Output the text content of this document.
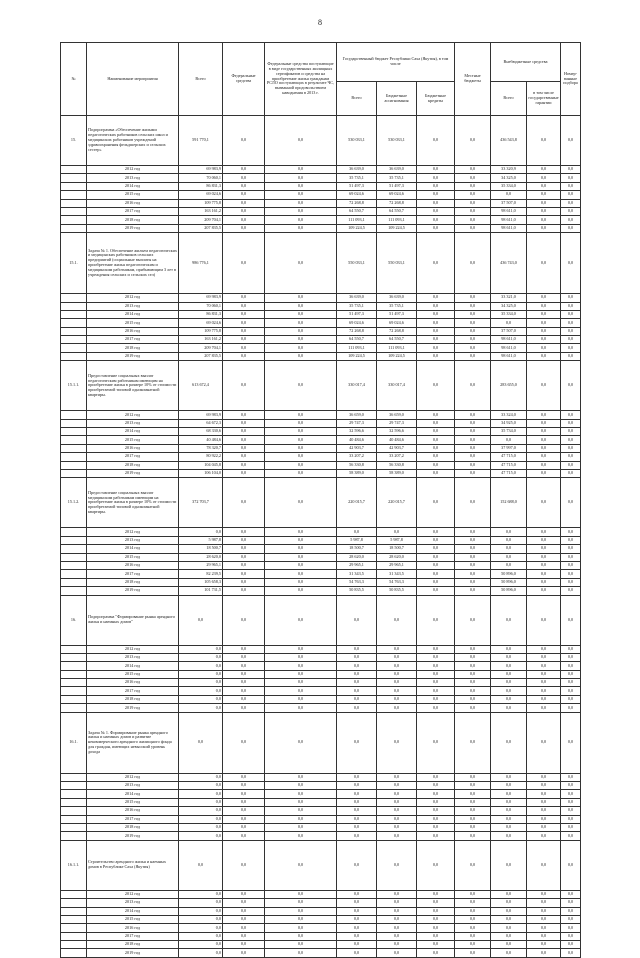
8
№	Наименование мероприятия	Всего	Федеральные средства	Федеральные средства поступающие в виде государственных жилищных сертификатов и средства на приобретение жилья гражданам РСЛО поступающих в результате ЧС, вызванной продовольствием наводнения в 2013 г.	Государственный бюджет Республики Саха (Якутия), в том числе			Местные бюджеты	Внебюджетные средства		Номер-ванные подбора
					Всего	Бюджетные ассигнования	Бюджетные кредиты		Всего	в том числе государственные гарантии	
15.	Подпрограмма «Обеспечение жилыми педагогических работников сельских школ и медицинских работников учреждений здравоохранения фельдшерских и сельских сестер»	591 770,1	0,0	0,0	530 033,1	530 033,1	0,0	0,0	436 543,8	0,0	0,0
	2012 год	69 983,9	0,0	0,0	36 639,0	36 639,0	0,0	0,0	33 320,9	0,0	0,0
	2013 год	70 060,1	0,0	0,0	35 735,1	35 735,1	0,0	0,0	34 325,0	0,0	0,0
	2014 год	86 831,3	0,0	0,0	51 497,3	51 497,3	0,0	0,0	35 334,0	0,0	0,0
	2015 год	69 024,6	0,0	0,0	69 024,6	69 024,6	0,0	0,0	0,0	0,0	0,0
	2016 год	109 775,8	0,0	0,0	72 268,8	72 268,8	0,0	0,0	37 507,0	0,0	0,0
	2017 год	163 161,2	0,0	0,0	64 550,7	64 550,7	0,0	0,0	98 611,0	0,0	0,0
	2018 год	209 704,1	0,0	0,0	111 093,1	111 093,1	0,0	0,0	98 611,0	0,0	0,0
	2019 год	207 835,5	0,0	0,0	109 224,5	109 224,5	0,0	0,0	98 611,0	0,0	0,0
15.1.	Задача № 1. Обеспечение жильем педагогических и медицинских работников сельских предприятий (социальные выплаты на приобретение жилья педагогическим и медицинским работникам, прибывающим 3 лет в учреждения сельских и сельских сел)	986 776,1	0,0	0,0	550 033,1	550 033,1	0,0	0,0	436 743,0	0,0	0,0
	2012 год	69 983,9	0,0	0,0	36 639,0	36 639,0	0,0	0,0	33 321,0	0,0	0,0
	2013 год	70 060,1	0,0	0,0	35 735,1	35 735,1	0,0	0,0	34 325,0	0,0	0,0
	2014 год	86 831,3	0,0	0,0	51 497,3	51 497,3	0,0	0,0	35 334,0	0,0	0,0
	2015 год	69 024,6	0,0	0,0	69 024,6	69 024,6	0,0	0,0	0,0	0,0	0,0
	2016 год	109 775,8	0,0	0,0	72 268,8	72 268,8	0,0	0,0	37 507,0	0,0	0,0
	2017 год	163 161,2	0,0	0,0	64 550,7	64 550,7	0,0	0,0	98 611,0	0,0	0,0
	2018 год	209 704,1	0,0	0,0	111 093,1	111 093,1	0,0	0,0	98 611,0	0,0	0,0
	2019 год	207 835,5	0,0	0,0	109 224,5	109 224,5	0,0	0,0	98 611,0	0,0	0,0
15.1.1.	Предоставление социальных выплат педагогическим работникам имеющим на приобретение жилья в размере 10% от стоимости приобретаемой типовой однокомнатной квартиры.	613 672,4	0,0	0,0	330 017,4	330 017,4	0,0	0,0	283 655,0	0,0	0,0
	2012 год	69 983,9	0,0	0,0	36 659,0	36 659,0	0,0	0,0	33 324,0	0,0	0,0
	2013 год	64 672,3	0,0	0,0	29 747,3	29 747,3	0,0	0,0	34 925,0	0,0	0,0
	2014 год	68 330,6	0,0	0,0	32 596,6	32 596,6	0,0	0,0	35 734,0	0,0	0,0
	2015 год	40 484,6	0,0	0,0	40 484,6	40 484,6	0,0	0,0	0,0	0,0	0,0
	2016 год	78 320,7	0,0	0,0	42 903,7	42 903,7	0,0	0,0	37 997,0	0,0	0,0
	2017 год	80 922,2	0,0	0,0	33 207,2	33 207,2	0,0	0,0	47 715,0	0,0	0,0
	2018 год	104 045,8	0,0	0,0	56 330,8	56 330,8	0,0	0,0	47 715,0	0,0	0,0
	2019 год	106 104,0	0,0	0,0	58 389,0	58 389,0	0,0	0,0	47 715,0	0,0	0,0
15.1.2.	Предоставление социальных выплат медицинским работникам имеющим на приобретение жилья в размере 10% от стоимости приобретаемой типовой однокомнатной квартиры.	372 703,7	0,0	0,0	220 015,7	220 015,7	0,0	0,0	152 688,0	0,0	0,0
	2012 год	0,0	0,0	0,0	0,0	0,0	0,0	0,0	0,0	0,0	0,0
	2013 год	5 987,8	0,0	0,0	5 987,8	5 987,8	0,0	0,0	0,0	0,0	0,0
	2014 год	18 500,7	0,0	0,0	18 500,7	18 500,7	0,0	0,0	0,0	0,0	0,0
	2015 год	28 620,0	0,0	0,0	28 620,0	28 620,0	0,0	0,0	0,0	0,0	0,0
	2016 год	29 965,1	0,0	0,0	29 965,1	29 965,1	0,0	0,0	0,0	0,0	0,0
	2017 год	82 239,5	0,0	0,0	31 343,5	31 343,5	0,0	0,0	50 896,0	0,0	0,0
	2018 год	105 658,3	0,0	0,0	54 763,3	54 763,3	0,0	0,0	50 896,0	0,0	0,0
	2019 год	101 731,5	0,0	0,0	50 835,5	50 835,5	0,0	0,0	50 896,0	0,0	0,0
16.	Подпрограмма "Формирование рынка арендного жилья и наемных домов"	0,0	0,0	0,0	0,0	0,0	0,0	0,0	0,0	0,0	0,0
	2012 год	0,0	0,0	0,0	0,0	0,0	0,0	0,0	0,0	0,0	0,0
	2013 год	0,0	0,0	0,0	0,0	0,0	0,0	0,0	0,0	0,0	0,0
	2014 год	0,0	0,0	0,0	0,0	0,0	0,0	0,0	0,0	0,0	0,0
	2015 год	0,0	0,0	0,0	0,0	0,0	0,0	0,0	0,0	0,0	0,0
	2016 год	0,0	0,0	0,0	0,0	0,0	0,0	0,0	0,0	0,0	0,0
	2017 год	0,0	0,0	0,0	0,0	0,0	0,0	0,0	0,0	0,0	0,0
	2018 год	0,0	0,0	0,0	0,0	0,0	0,0	0,0	0,0	0,0	0,0
	2019 год	0,0	0,0	0,0	0,0	0,0	0,0	0,0	0,0	0,0	0,0
16.1.	Задача № 1. Формирование рынка арендного жилья и наемных домов и развитие некоммерческого арендного жилищного фонда для граждан, имеющих невысокий уровень дохода	0,0	0,0	0,0	0,0	0,0	0,0	0,0	0,0	0,0	0,0
	2012 год	0,0	0,0	0,0	0,0	0,0	0,0	0,0	0,0	0,0	0,0
	2013 год	0,0	0,0	0,0	0,0	0,0	0,0	0,0	0,0	0,0	0,0
	2014 год	0,0	0,0	0,0	0,0	0,0	0,0	0,0	0,0	0,0	0,0
	2015 год	0,0	0,0	0,0	0,0	0,0	0,0	0,0	0,0	0,0	0,0
	2016 год	0,0	0,0	0,0	0,0	0,0	0,0	0,0	0,0	0,0	0,0
	2017 год	0,0	0,0	0,0	0,0	0,0	0,0	0,0	0,0	0,0	0,0
	2018 год	0,0	0,0	0,0	0,0	0,0	0,0	0,0	0,0	0,0	0,0
	2019 год	0,0	0,0	0,0	0,0	0,0	0,0	0,0	0,0	0,0	0,0
16.1.1.	Строительство арендного жилья и наемных домов в Республике Саха (Якутия)	0,0	0,0	0,0	0,0	0,0	0,0	0,0	0,0	0,0	0,0
	2012 год	0,0	0,0	0,0	0,0	0,0	0,0	0,0	0,0	0,0	0,0
	2013 год	0,0	0,0	0,0	0,0	0,0	0,0	0,0	0,0	0,0	0,0
	2014 год	0,0	0,0	0,0	0,0	0,0	0,0	0,0	0,0	0,0	0,0
	2015 год	0,0	0,0	0,0	0,0	0,0	0,0	0,0	0,0	0,0	0,0
	2016 год	0,0	0,0	0,0	0,0	0,0	0,0	0,0	0,0	0,0	0,0
	2017 год	0,0	0,0	0,0	0,0	0,0	0,0	0,0	0,0	0,0	0,0
	2018 год	0,0	0,0	0,0	0,0	0,0	0,0	0,0	0,0	0,0	0,0
	2019 год	0,0	0,0	0,0	0,0	0,0	0,0	0,0	0,0	0,0	0,0
